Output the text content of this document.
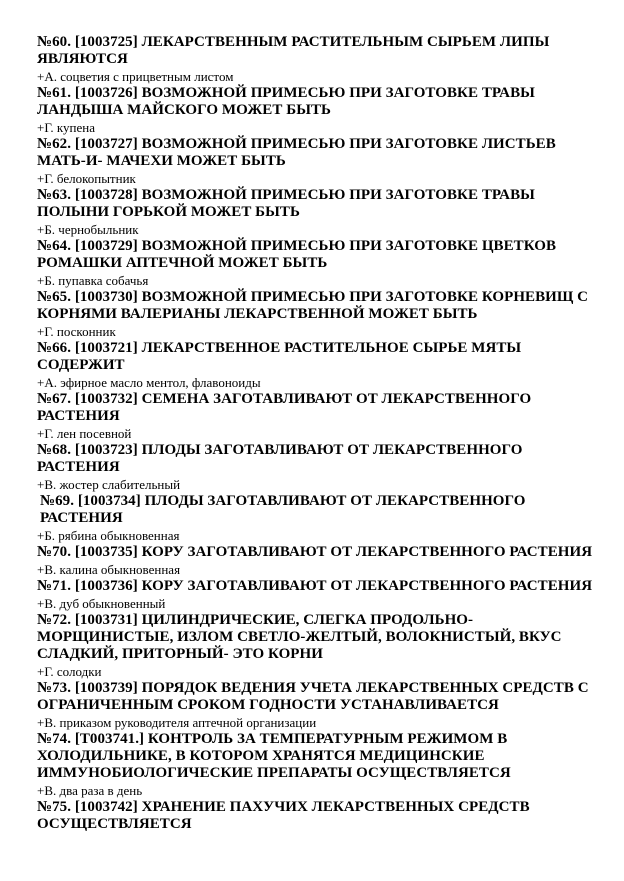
№60. [1003725] ЛЕКАРСТВЕННЫМ РАСТИТЕЛЬНЫМ СЫРЬЕМ ЛИПЫ ЯВЛЯЮТСЯ

+А. соцветия с прицветным листом

№61. [1003726] ВОЗМОЖНОЙ ПРИМЕСЬЮ ПРИ ЗАГОТОВКЕ ТРАВЫ ЛАНДЫША МАЙСКОГО МОЖЕТ БЫТЬ

+Г. купена

№62. [1003727] ВОЗМОЖНОЙ ПРИМЕСЬЮ ПРИ ЗАГОТОВКЕ ЛИСТЬЕВ МАТЬ-И- МАЧЕХИ МОЖЕТ БЫТЬ

+Г. белокопытник

№63. [1003728] ВОЗМОЖНОЙ ПРИМЕСЬЮ ПРИ ЗАГОТОВКЕ ТРАВЫ ПОЛЫНИ ГОРЬКОЙ МОЖЕТ БЫТЬ

+Б. чернобыльник

№64. [1003729] ВОЗМОЖНОЙ ПРИМЕСЬЮ ПРИ ЗАГОТОВКЕ ЦВЕТКОВ РОМАШКИ АПТЕЧНОЙ МОЖЕТ БЫТЬ

+Б. пупавка собачья

№65. [1003730] ВОЗМОЖНОЙ ПРИМЕСЬЮ ПРИ ЗАГОТОВКЕ КОРНЕВИЩ С КОРНЯМИ ВАЛЕРИАНЫ ЛЕКАРСТВЕННОЙ МОЖЕТ БЫТЬ

+Г. посконник

№66. [1003721] ЛЕКАРСТВЕННОЕ РАСТИТЕЛЬНОЕ СЫРЬЕ МЯТЫ СОДЕРЖИТ

+А. эфирное масло ментол, флавоноиды

№67. [1003732] СЕМЕНА ЗАГОТАВЛИВАЮТ ОТ ЛЕКАРСТВЕННОГО РАСТЕНИЯ

+Г. лен посевной

№68. [1003723] ПЛОДЫ ЗАГОТАВЛИВАЮТ ОТ ЛЕКАРСТВЕННОГО РАСТЕНИЯ

+В. жостер слабительный

№69. [1003734] ПЛОДЫ ЗАГОТАВЛИВАЮТ ОТ ЛЕКАРСТВЕННОГО РАСТЕНИЯ

+Б. рябина обыкновенная

№70. [1003735] КОРУ ЗАГОТАВЛИВАЮТ ОТ ЛЕКАРСТВЕННОГО РАСТЕНИЯ

+В. калина обыкновенная

№71. [1003736] КОРУ ЗАГОТАВЛИВАЮТ ОТ ЛЕКАРСТВЕННОГО РАСТЕНИЯ

+В. дуб обыкновенный

№72. [1003731] ЦИЛИНДРИЧЕСКИЕ, СЛЕГКА ПРОДОЛЬНО-МОРЩИНИСТЫЕ, ИЗЛОМ СВЕТЛО-ЖЕЛТЫЙ, ВОЛОКНИСТЫЙ, ВКУС СЛАДКИЙ, ПРИТОРНЫЙ- ЭТО КОРНИ

+Г. солодки

№73. [1003739] ПОРЯДОК ВЕДЕНИЯ УЧЕТА ЛЕКАРСТВЕННЫХ СРЕДСТВ С ОГРАНИЧЕННЫМ СРОКОМ ГОДНОСТИ УСТАНАВЛИВАЕТСЯ

+В. приказом руководителя аптечной организации

№74. [Т003741.] КОНТРОЛЬ ЗА ТЕМПЕРАТУРНЫМ РЕЖИМОМ В ХОЛОДИЛЬНИКЕ, В КОТОРОМ ХРАНЯТСЯ МЕДИЦИНСКИЕ ИММУНОБИОЛОГИЧЕСКИЕ ПРЕПАРАТЫ ОСУЩЕСТВЛЯЕТСЯ

+В. два раза в день

№75. [1003742] ХРАНЕНИЕ ПАХУЧИХ ЛЕКАРСТВЕННЫХ СРЕДСТВ ОСУЩЕСТВЛЯЕТСЯ
